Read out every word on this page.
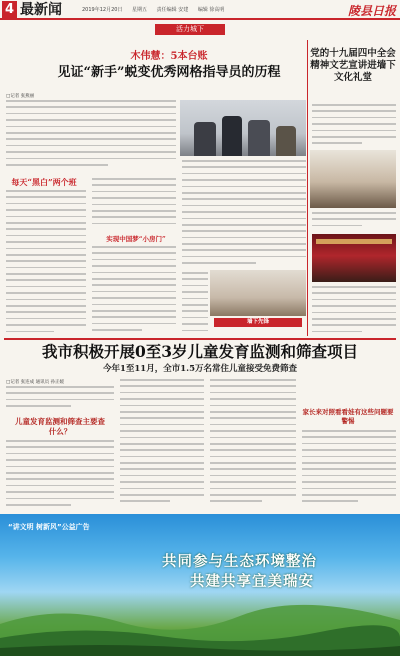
4 最新闻	2019年12月20日 星期五 责任编辑 安建 编辑 徐高明	陵县日报
活力城下
木伟慧：5本台账
见证“新手”蜕变优秀网格指导员的历程
□记者 张燕丽
每天“黑白”两个班
实现中国梦“小房门”
墙下先锋
党的十九届四中全会精神文艺宣讲进墙下文化礼堂
我市积极开展0至3岁儿童发育监测和筛查项目
今年1至11月，全市1.5万名常住儿童接受免费筛查
□记者 张连成 通讯员 孙正媛
儿童发育监测和筛查主要查什么？
家长来对照看看娃有这些问题要警惕
“讲文明 树新风”公益广告
共同参与生态环境整治
共建共享宜美瑞安
